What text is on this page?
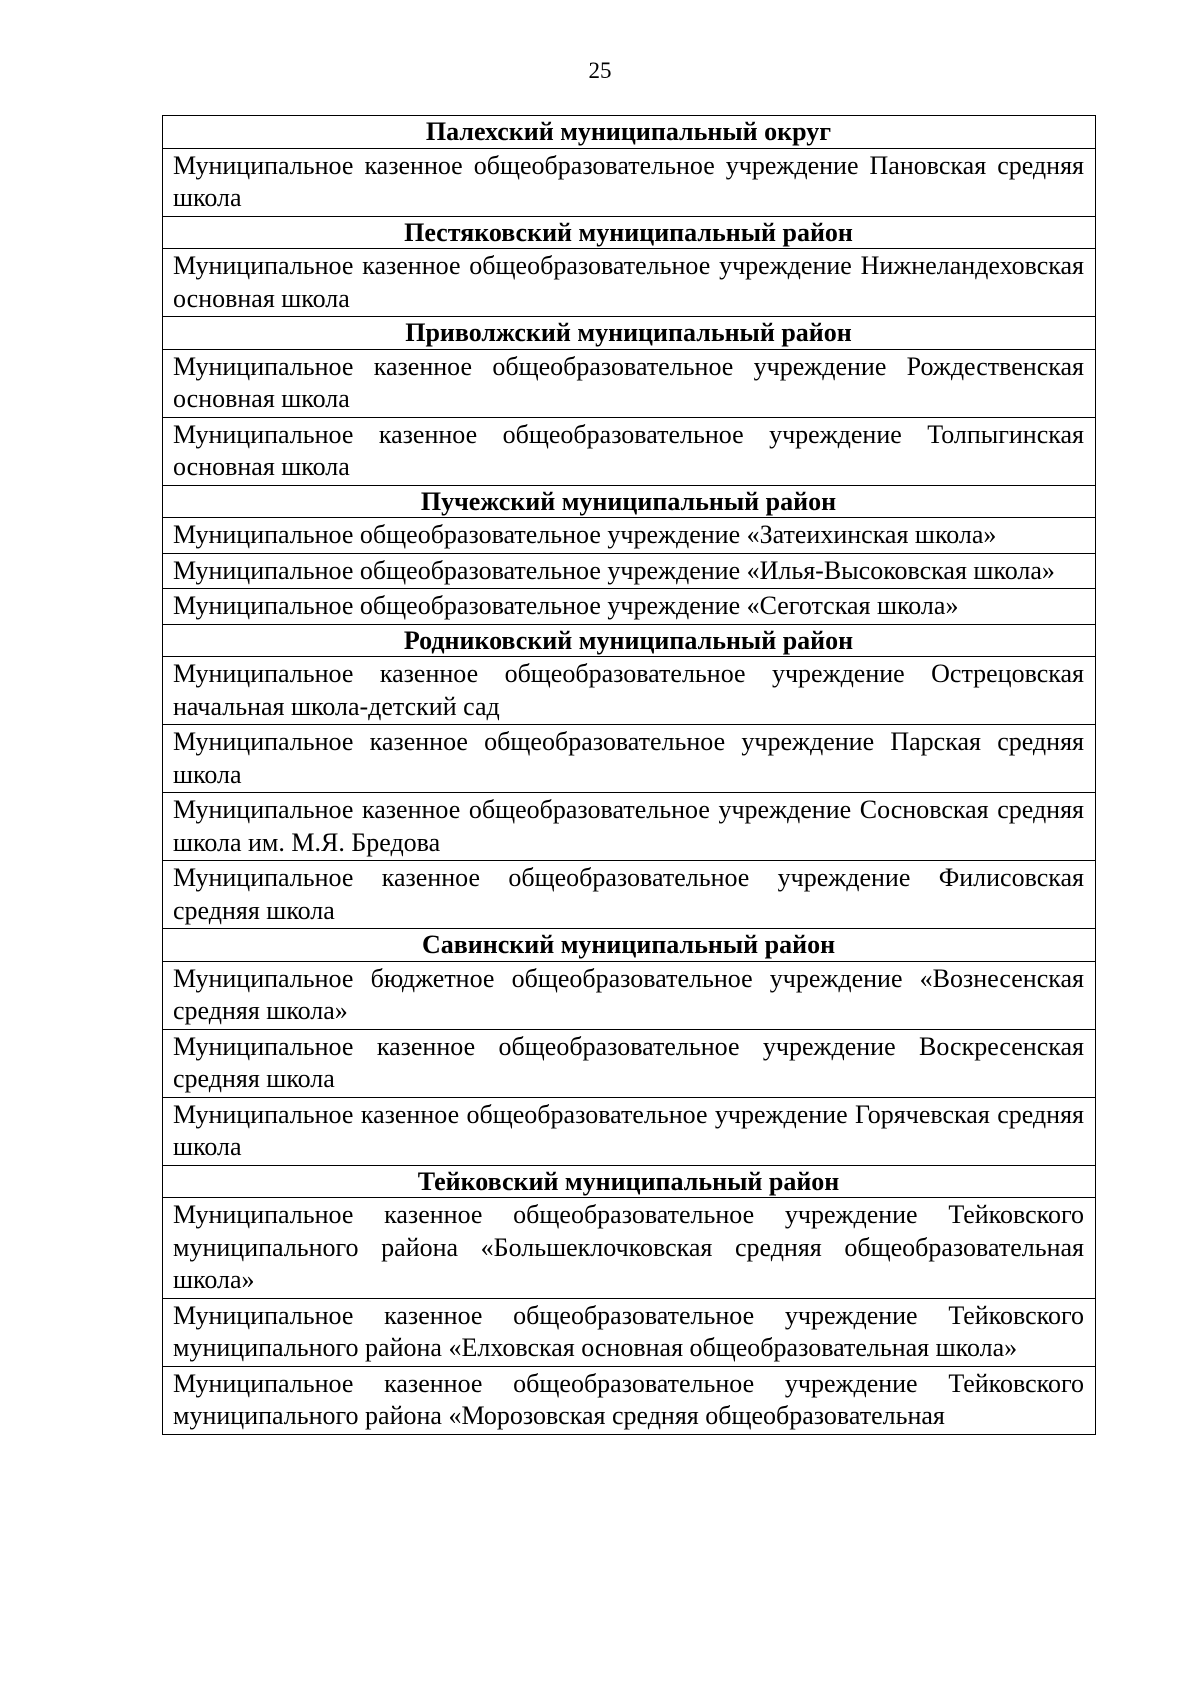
25
Палехский муниципальный округ
Муниципальное казенное общеобразовательное учреждение Пановская средняя школа
Пестяковский муниципальный район
Муниципальное казенное общеобразовательное учреждение Нижнеландеховская основная школа
Приволжский муниципальный район
Муниципальное казенное общеобразовательное учреждение Рождественская основная школа
Муниципальное казенное общеобразовательное учреждение Толпыгинская основная школа
Пучежский муниципальный район
Муниципальное общеобразовательное учреждение «Затеихинская школа»
Муниципальное общеобразовательное учреждение «Илья-Высоковская школа»
Муниципальное общеобразовательное учреждение «Сеготская школа»
Родниковский муниципальный район
Муниципальное казенное общеобразовательное учреждение Острецовская начальная школа-детский сад
Муниципальное казенное общеобразовательное учреждение Парская средняя школа
Муниципальное казенное общеобразовательное учреждение Сосновская средняя школа им. М.Я. Бредова
Муниципальное казенное общеобразовательное учреждение Филисовская средняя школа
Савинский муниципальный район
Муниципальное бюджетное общеобразовательное учреждение «Вознесенская средняя школа»
Муниципальное казенное общеобразовательное учреждение Воскресенская средняя школа
Муниципальное казенное общеобразовательное учреждение Горячевская средняя школа
Тейковский муниципальный район
Муниципальное казенное общеобразовательное учреждение Тейковского муниципального района «Большеклочковская средняя общеобразовательная школа»
Муниципальное казенное общеобразовательное учреждение Тейковского муниципального района «Елховская основная общеобразовательная школа»
Муниципальное казенное общеобразовательное учреждение Тейковского муниципального района «Морозовская средняя общеобразовательная
